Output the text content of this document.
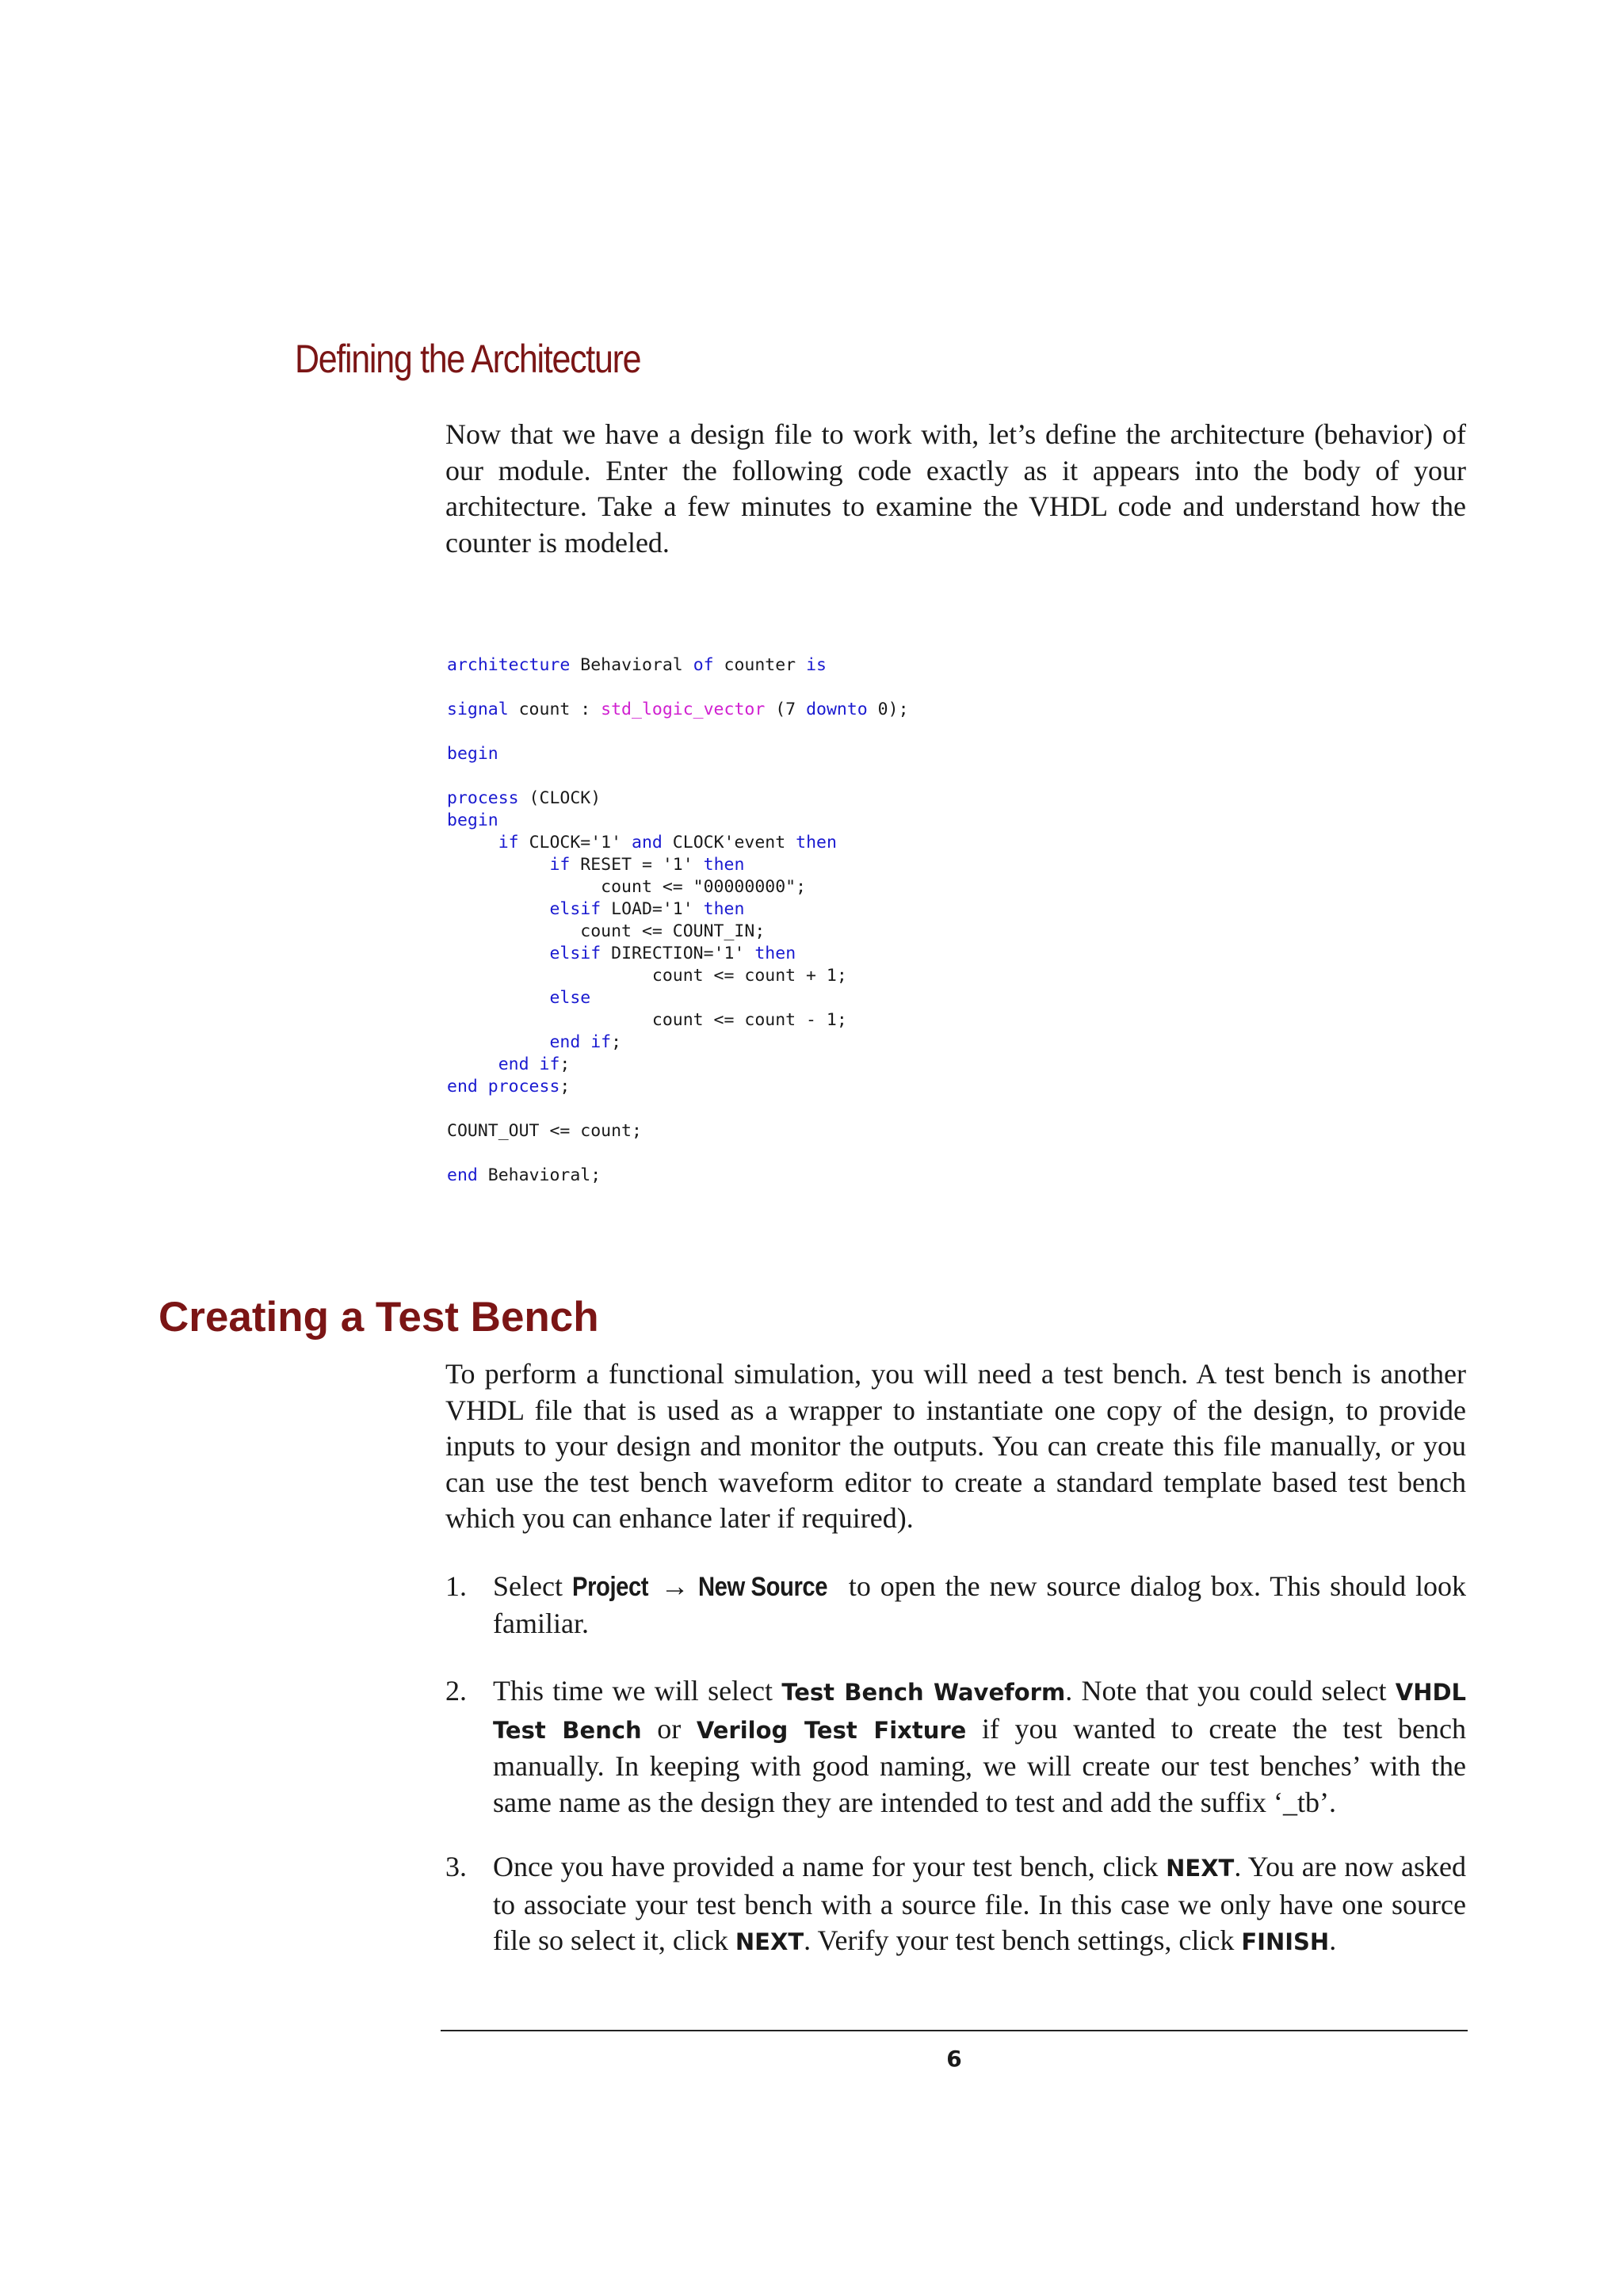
Defining the Architecture

Now that we have a design file to work with, let’s define the architecture (behavior) of our module. Enter the following code exactly as it appears into the body of your architecture. Take a few minutes to examine the VHDL code and understand how the counter is modeled.

architecture Behavioral of counter is

signal count : std_logic_vector (7 downto 0);

begin

process (CLOCK)
begin
if CLOCK='1' and CLOCK'event then
if RESET = '1' then
count <= "00000000";
elsif LOAD='1' then
count <= COUNT_IN;
elsif DIRECTION='1' then
count <= count + 1;
else
count <= count - 1;
end if;
end if;
end process;

COUNT_OUT <= count;

end Behavioral;

Creating a Test Bench

To perform a functional simulation, you will need a test bench. A test bench is another VHDL file that is used as a wrapper to instantiate one copy of the design, to provide inputs to your design and monitor the outputs. You can create this file manually, or you can use the test bench waveform editor to create a standard template based test bench which you can enhance later if required).

1. Select Project → New Source to open the new source dialog box. This should look familiar.
2. This time we will select Test Bench Waveform. Note that you could select VHDL Test Bench or Verilog Test Fixture if you wanted to create the test bench manually. In keeping with good naming, we will create our test benches’ with the same name as the design they are intended to test and add the suffix ‘_tb’.
3. Once you have provided a name for your test bench, click NEXT. You are now asked to associate your test bench with a source file. In this case we only have one source file so select it, click NEXT. Verify your test bench settings, click FINISH.
6
